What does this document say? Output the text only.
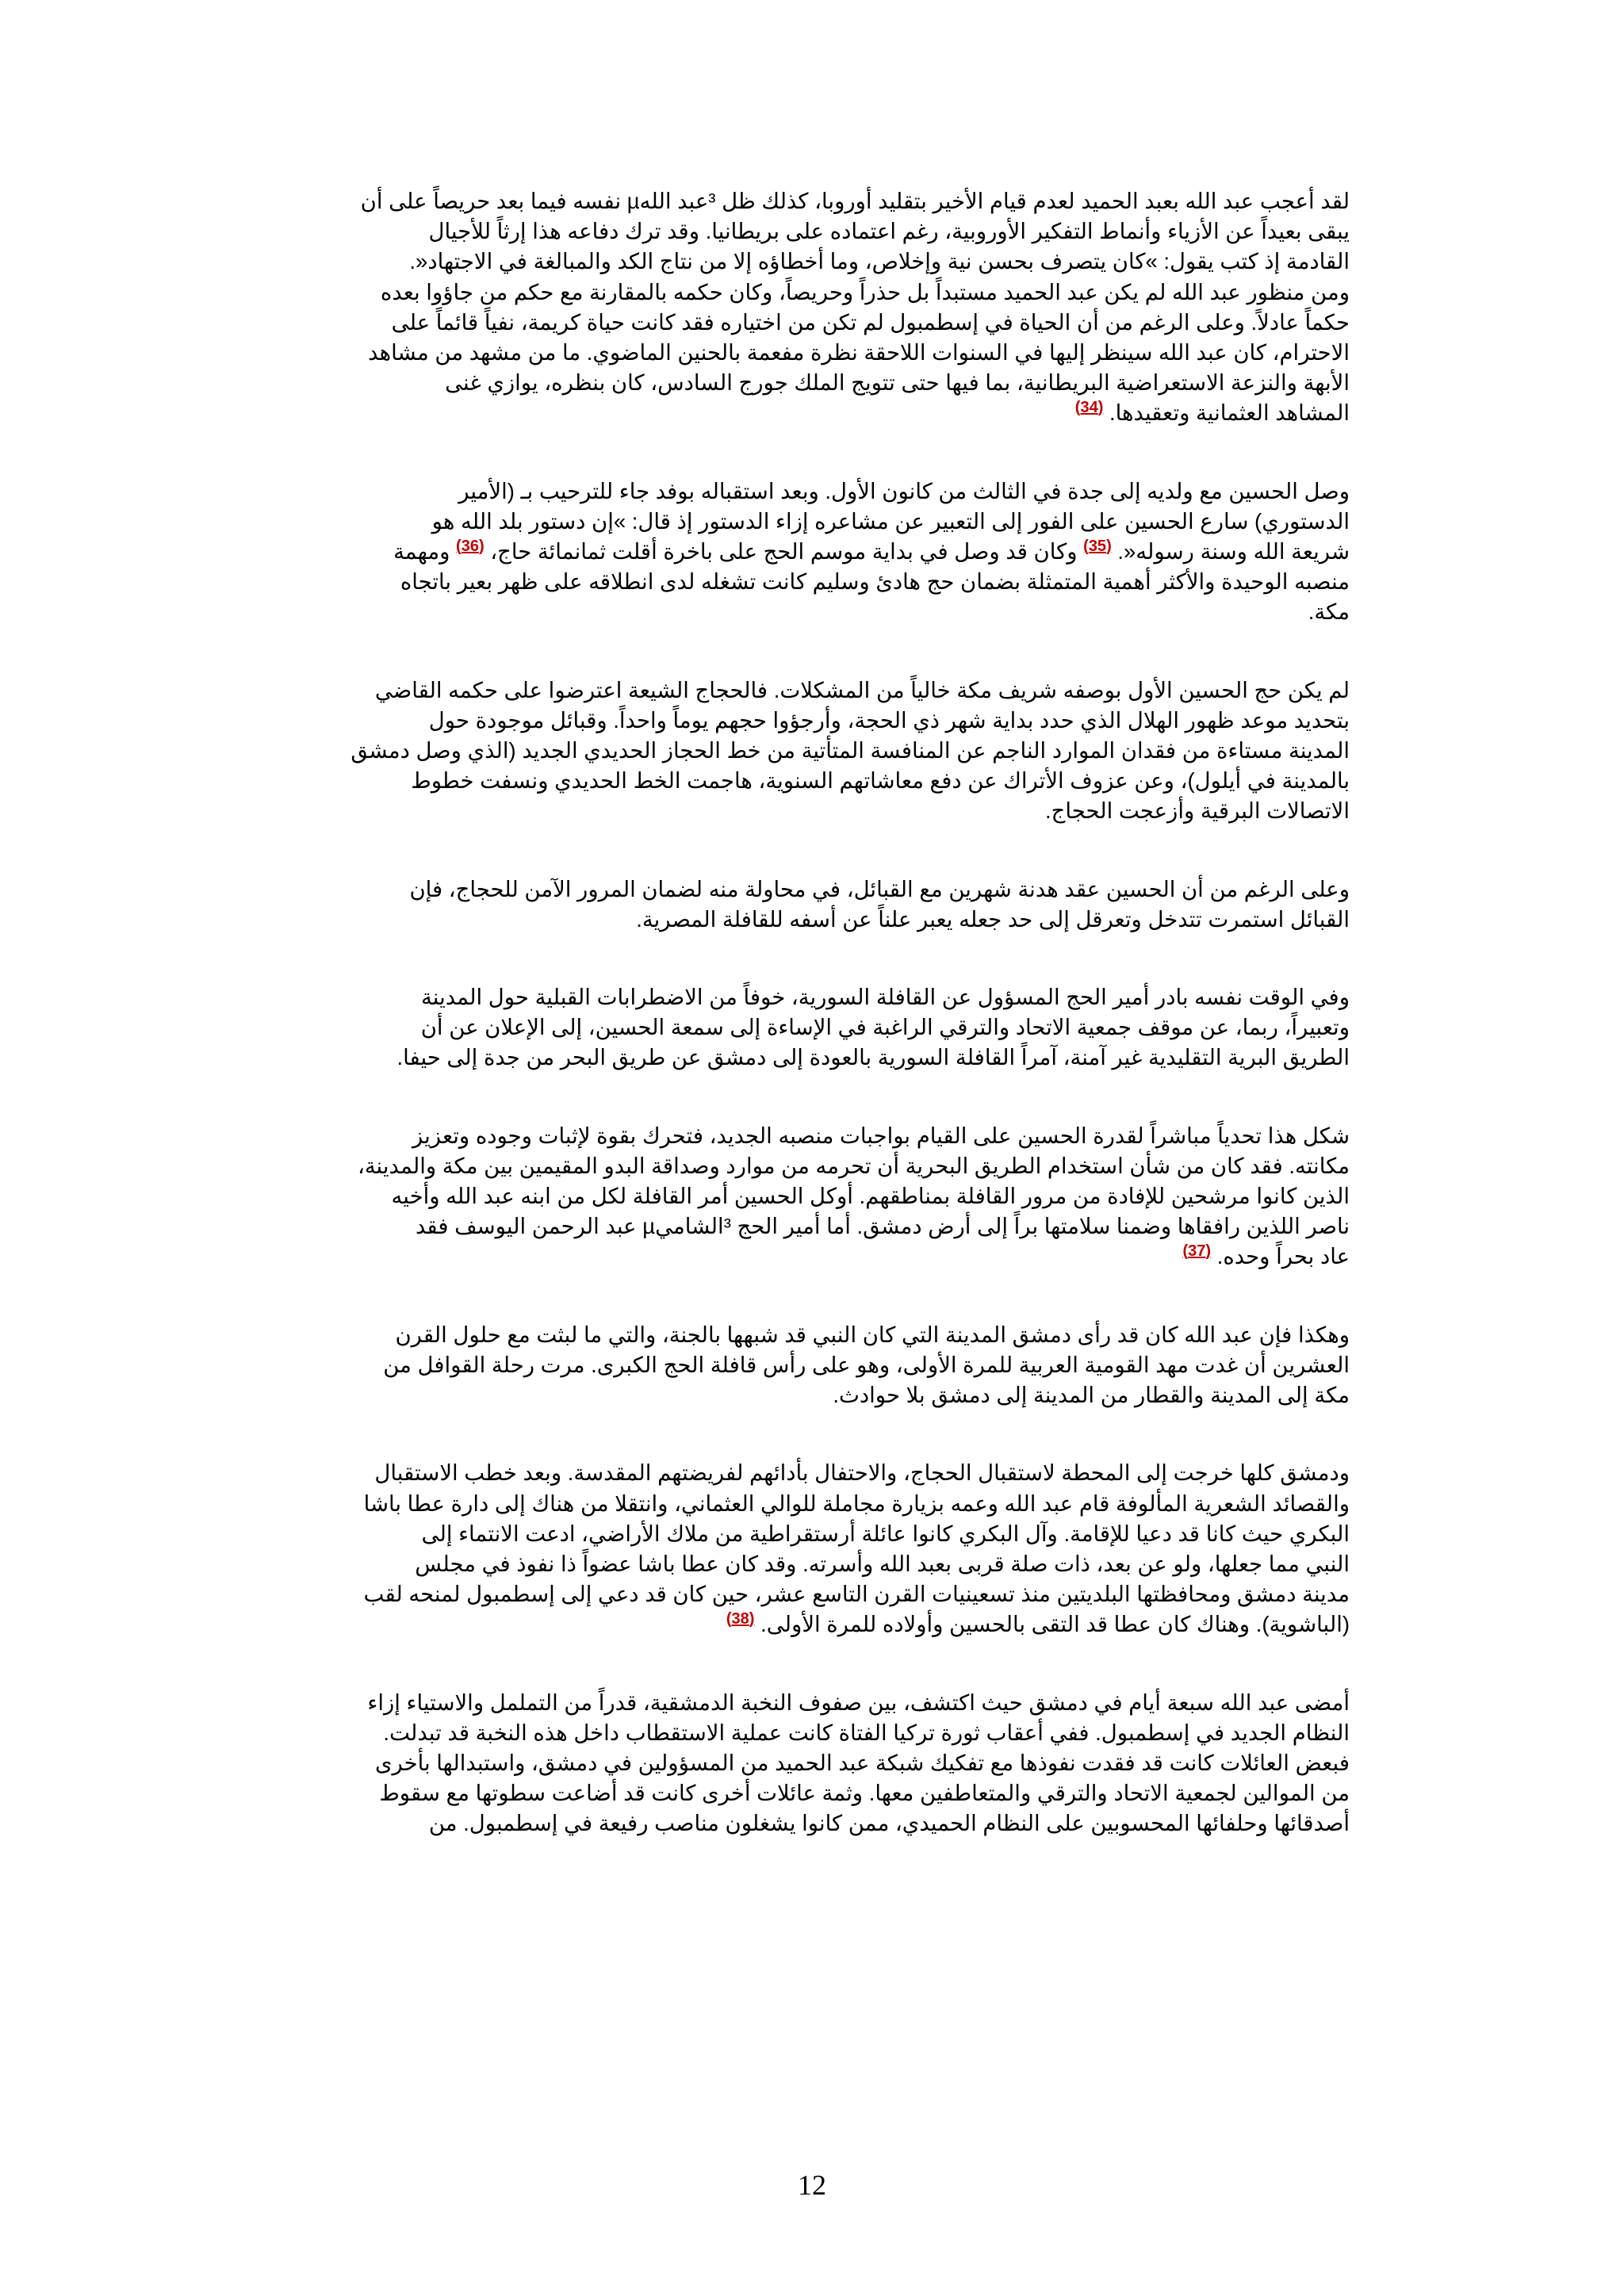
لقد أعجب عبد الله بعبد الحميد لعدم قيام الأخير بتقليد أوروبا، كذلك ظل ³عبد اللهµ نفسه فيما بعد حريصاً على أن

يبقى بعيداً عن الأزياء وأنماط التفكير الأوروبية، رغم اعتماده على بريطانيا. وقد ترك دفاعه هذا إرثاً للأجيال

القادمة إذ كتب يقول: »كان يتصرف بحسن نية وإخلاص، وما أخطاؤه إلا من نتاج الكد والمبالغة في الاجتهاد«.

ومن منظور عبد الله لم يكن عبد الحميد مستبداً بل حذراً وحريصاً، وكان حكمه بالمقارنة مع حكم من جاؤوا بعده

حكماً عادلاً. وعلى الرغم من أن الحياة في إسطمبول لم تكن من اختياره فقد كانت حياة كريمة، نفياً قائماً على

الاحترام، كان عبد الله سينظر إليها في السنوات اللاحقة نظرة مفعمة بالحنين الماضوي. ما من مشهد من مشاهد

الأبهة والنزعة الاستعراضية البريطانية، بما فيها حتى تتويج الملك جورج السادس، كان بنظره، يوازي غنى

المشاهد العثمانية وتعقيدها. $^{(34)}$

وصل الحسين مع ولديه إلى جدة في الثالث من كانون الأول. وبعد استقباله بوفد جاء للترحيب بـ (الأمير

الدستوري) سارع الحسين على الفور إلى التعبير عن مشاعره إزاء الدستور إذ قال: »إن دستور بلد الله هو

شريعة الله وسنة رسوله«. $^{(35)}$ وكان قد وصل في بداية موسم الحج على باخرة أقلت ثمانمائة حاج، $^{(36)}$ ومهمة

منصبه الوحيدة والأكثر أهمية المتمثلة بضمان حج هادئ وسليم كانت تشغله لدى انطلاقه على ظهر بعير باتجاه

مكة.

لم يكن حج الحسين الأول بوصفه شريف مكة خالياً من المشكلات. فالحجاج الشيعة اعترضوا على حكمه القاضي

بتحديد موعد ظهور الهلال الذي حدد بداية شهر ذي الحجة، وأرجؤوا حجهم يوماً واحداً. وقبائل موجودة حول

المدينة مستاءة من فقدان الموارد الناجم عن المنافسة المتأتية من خط الحجاز الحديدي الجديد (الذي وصل دمشق

بالمدينة في أيلول)، وعن عزوف الأتراك عن دفع معاشاتهم السنوية، هاجمت الخط الحديدي ونسفت خطوط

الاتصالات البرقية وأزعجت الحجاج.

وعلى الرغم من أن الحسين عقد هدنة شهرين مع القبائل، في محاولة منه لضمان المرور الآمن للحجاج، فإن

القبائل استمرت تتدخل وتعرقل إلى حد جعله يعبر علناً عن أسفه للقافلة المصرية.

وفي الوقت نفسه بادر أمير الحج المسؤول عن القافلة السورية، خوفاً من الاضطرابات القبلية حول المدينة

وتعبيراً، ربما، عن موقف جمعية الاتحاد والترقي الراغبة في الإساءة إلى سمعة الحسين، إلى الإعلان عن أن

الطريق البرية التقليدية غير آمنة، آمراً القافلة السورية بالعودة إلى دمشق عن طريق البحر من جدة إلى حيفا.

شكل هذا تحدياً مباشراً لقدرة الحسين على القيام بواجبات منصبه الجديد، فتحرك بقوة لإثبات وجوده وتعزيز

مكانته. فقد كان من شأن استخدام الطريق البحرية أن تحرمه من موارد وصداقة البدو المقيمين بين مكة والمدينة،

الذين كانوا مرشحين للإفادة من مرور القافلة بمناطقهم. أوكل الحسين أمر القافلة لكل من ابنه عبد الله وأخيه

ناصر اللذين رافقاها وضمنا سلامتها براً إلى أرض دمشق. أما أمير الحج ³الشاميµ عبد الرحمن اليوسف فقد

عاد بحراً وحده. $^{(37)}$

وهكذا فإن عبد الله كان قد رأى دمشق المدينة التي كان النبي قد شبهها بالجنة، والتي ما لبثت مع حلول القرن

العشرين أن غدت مهد القومية العربية للمرة الأولى، وهو على رأس قافلة الحج الكبرى. مرت رحلة القوافل من

مكة إلى المدينة والقطار من المدينة إلى دمشق بلا حوادث.

ودمشق كلها خرجت إلى المحطة لاستقبال الحجاج، والاحتفال بأدائهم لفريضتهم المقدسة. وبعد خطب الاستقبال

والقصائد الشعرية المألوفة قام عبد الله وعمه بزيارة مجاملة للوالي العثماني، وانتقلا من هناك إلى دارة عطا باشا

البكري حيث كانا قد دعيا للإقامة. وآل البكري كانوا عائلة أرستقراطية من ملاك الأراضي، ادعت الانتماء إلى

النبي مما جعلها، ولو عن بعد، ذات صلة قربى بعبد الله وأسرته. وقد كان عطا باشا عضواً ذا نفوذ في مجلس

مدينة دمشق ومحافظتها البلديتين منذ تسعينيات القرن التاسع عشر، حين كان قد دعي إلى إسطمبول لمنحه لقب

(الباشوية). وهناك كان عطا قد التقى بالحسين وأولاده للمرة الأولى. $^{(38)}$

أمضى عبد الله سبعة أيام في دمشق حيث اكتشف، بين صفوف النخبة الدمشقية، قدراً من التململ والاستياء إزاء

النظام الجديد في إسطمبول. ففي أعقاب ثورة تركيا الفتاة كانت عملية الاستقطاب داخل هذه النخبة قد تبدلت.

فبعض العائلات كانت قد فقدت نفوذها مع تفكيك شبكة عبد الحميد من المسؤولين في دمشق، واستبدالها بأخرى

من الموالين لجمعية الاتحاد والترقي والمتعاطفين معها. وثمة عائلات أخرى كانت قد أضاعت سطوتها مع سقوط

أصدقائها وحلفائها المحسوبين على النظام الحميدي، ممن كانوا يشغلون مناصب رفيعة في إسطمبول. من

12
